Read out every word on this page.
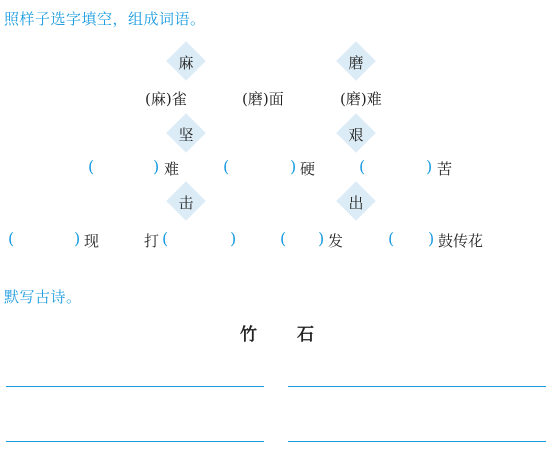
照样子选字填空，组成词语。
麻	磨
(麻)雀	(磨)面	(磨)难
坚	艰
(	) 难	(	) 硬	(	) 苦
击	出
(	) 现	打 (	)	( ) 发	( ) 鼓传花
默写古诗。
竹 石
